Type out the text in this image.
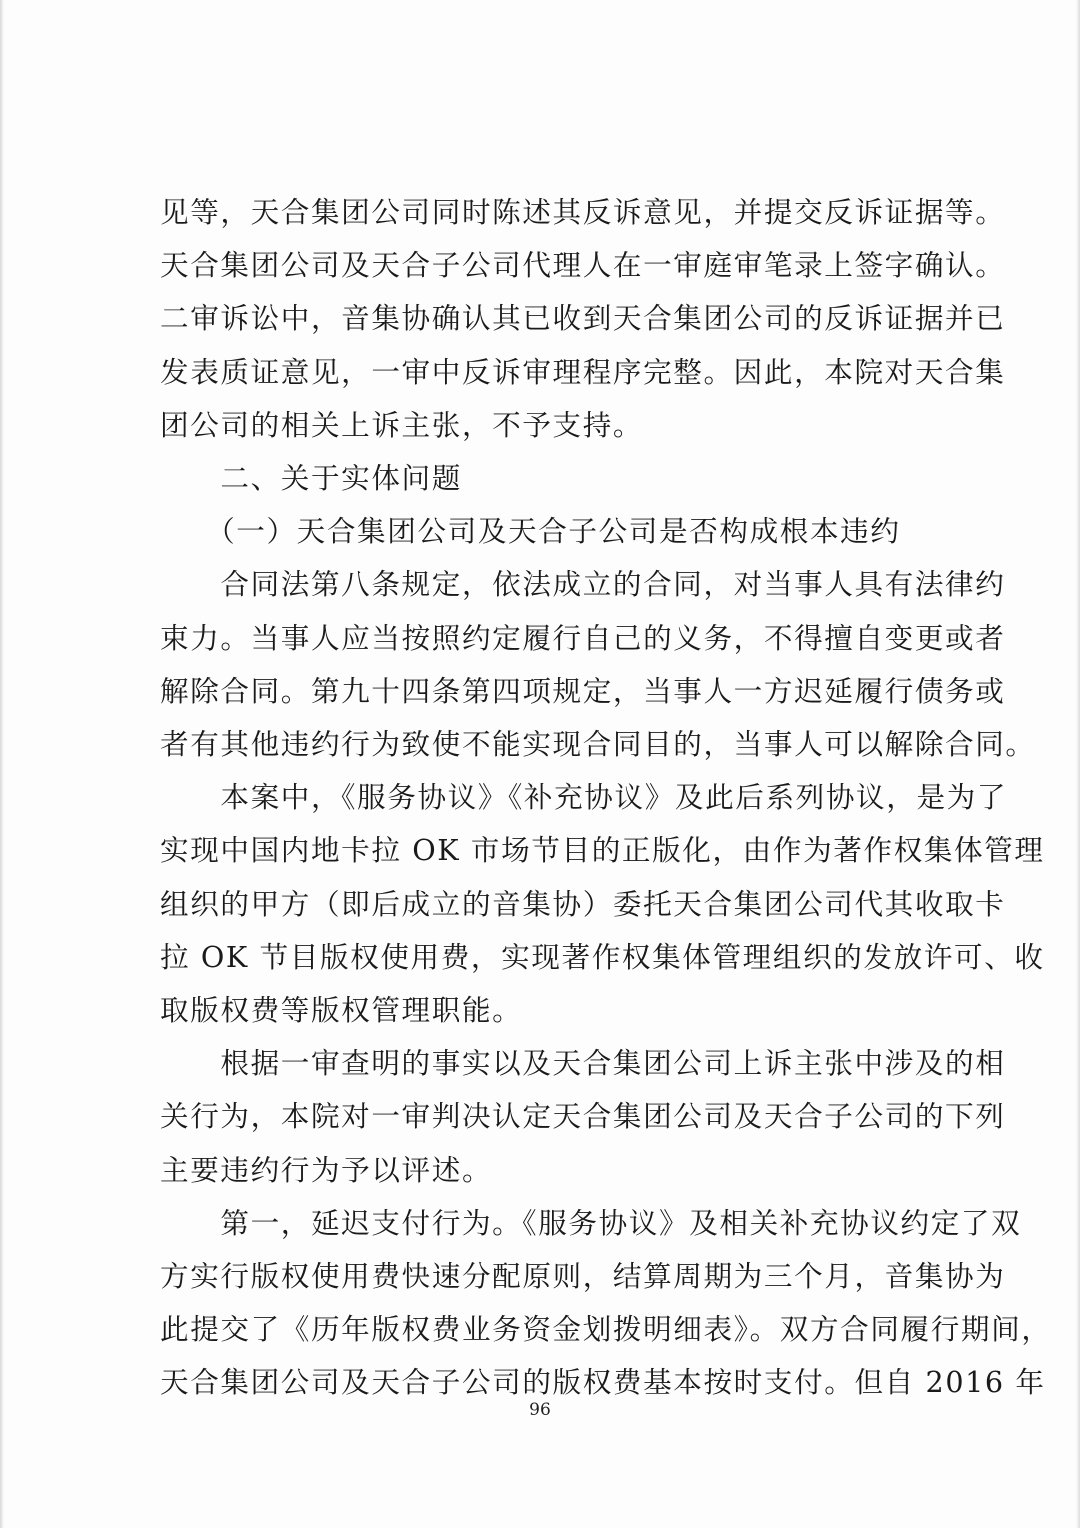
见等，天合集团公司同时陈述其反诉意见，并提交反诉证据等。
天合集团公司及天合子公司代理人在一审庭审笔录上签字确认。
二审诉讼中，音集协确认其已收到天合集团公司的反诉证据并已
发表质证意见，一审中反诉审理程序完整。因此，本院对天合集
团公司的相关上诉主张，不予支持。

　　二、关于实体问题

　　（一）天合集团公司及天合子公司是否构成根本违约

　　合同法第八条规定，依法成立的合同，对当事人具有法律约
束力。当事人应当按照约定履行自己的义务，不得擅自变更或者
解除合同。第九十四条第四项规定，当事人一方迟延履行债务或
者有其他违约行为致使不能实现合同目的，当事人可以解除合同。

　　本案中，《服务协议》《补充协议》及此后系列协议，是为了
实现中国内地卡拉 OK 市场节目的正版化，由作为著作权集体管理
组织的甲方（即后成立的音集协）委托天合集团公司代其收取卡
拉 OK 节目版权使用费，实现著作权集体管理组织的发放许可、收
取版权费等版权管理职能。

　　根据一审查明的事实以及天合集团公司上诉主张中涉及的相
关行为，本院对一审判决认定天合集团公司及天合子公司的下列
主要违约行为予以评述。

　　第一，延迟支付行为。《服务协议》及相关补充协议约定了双
方实行版权使用费快速分配原则，结算周期为三个月，音集协为
此提交了《历年版权费业务资金划拨明细表》。双方合同履行期间，
天合集团公司及天合子公司的版权费基本按时支付。但自 2016 年

96
